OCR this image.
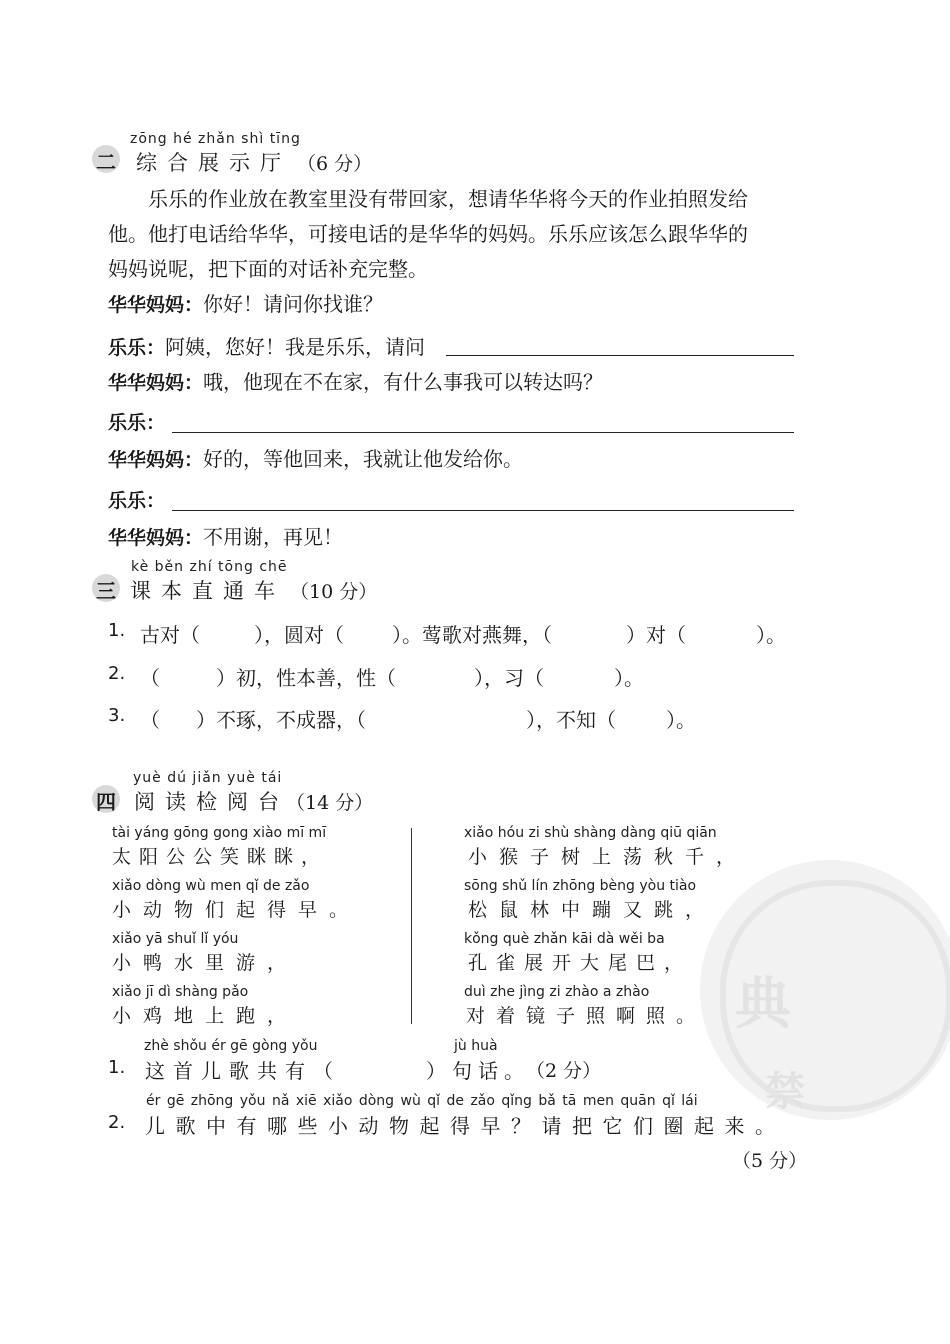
典
禁
二
zōng hé zhǎn shì tīng
综合展示厅 （6 分）
乐乐的作业放在教室里没有带回家，想请华华将今天的作业拍照发给
他。他打电话给华华，可接电话的是华华的妈妈。乐乐应该怎么跟华华的
妈妈说呢，把下面的对话补充完整。
华华妈妈：你好！请问你找谁？
乐乐：阿姨，您好！我是乐乐，请问
华华妈妈：哦，他现在不在家，有什么事我可以转达吗？
乐乐：
华华妈妈：好的，等他回来，我就让他发给你。
乐乐：
华华妈妈：不用谢，再见！
三
kè běn zhí tōng chē
课本直通车 （10 分）
1. 古对（	），圆对（ ）。莺歌对燕舞，（	）对（	）。
2. （	）初，性本善，性（	），习（	）。
3. （ ）不琢，不成器，（	），不知（	）。
四
yuè dú jiǎn yuè tái
阅读检阅台
（14 分）
tài yáng gōng gong xiào mī mī
太阳公公笑眯眯，
xiǎo dòng wù men qǐ de zǎo
小动物们起得早。
xiǎo yā shuǐ lǐ yóu
小鸭水里游，
xiǎo jī dì shàng pǎo
小鸡地上跑，
xiǎo hóu zi shù shàng dàng qiū qiān
小猴子树上荡秋千，
sōng shǔ lín zhōng bèng yòu tiào
松鼠林中蹦又跳，
kǒng què zhǎn kāi dà wěi ba
孔雀展开大尾巴，
duì zhe jìng zi zhào a zhào
对着镜子照啊照。
zhè shǒu ér gē gòng yǒu	jù huà
1. 这首儿歌共有（	）句话。
（2 分）
ér gē zhōng yǒu nǎ xiē xiǎo dòng wù qǐ de zǎo qǐng bǎ tā men quān qǐ lái
2. 儿歌中有哪些小动物起得早？请把它们圈起来。
（5 分）
